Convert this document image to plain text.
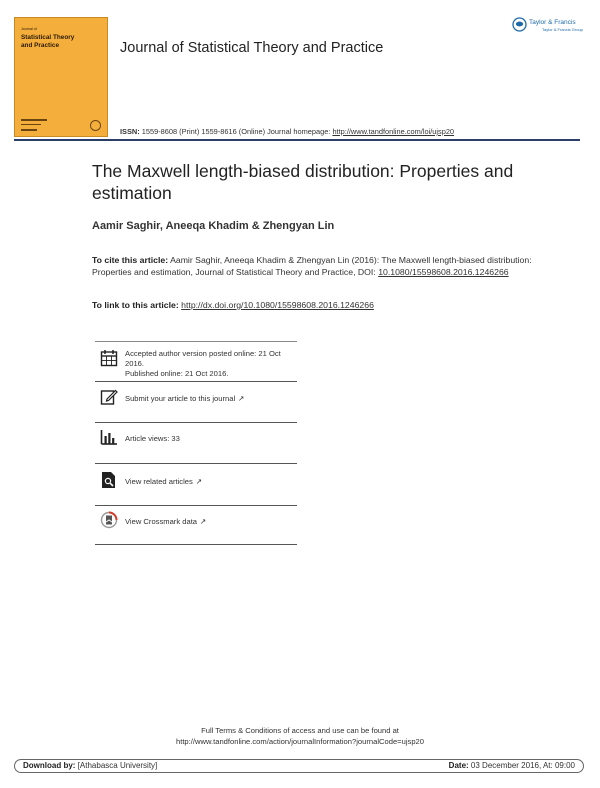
Journal of
Statistical Theory
and Practice	Journal of Statistical Theory and Practice
Taylor & Francis
Taylor & Francis Group
ISSN: 1559-8608 (Print) 1559-8616 (Online) Journal homepage: http://www.tandfonline.com/loi/ujsp20
The Maxwell length-biased distribution: Properties and estimation
Aamir Saghir, Aneeqa Khadim & Zhengyan Lin
To cite this article: Aamir Saghir, Aneeqa Khadim & Zhengyan Lin (2016): The Maxwell length-biased distribution: Properties and estimation, Journal of Statistical Theory and Practice, DOI: 10.1080/15598608.2016.1246266
To link to this article: http://dx.doi.org/10.1080/15598608.2016.1246266
Accepted author version posted online: 21 Oct 2016.
Published online: 21 Oct 2016.
Submit your article to this journal ↗
Article views: 33
View related articles ↗
View Crossmark data ↗
Full Terms & Conditions of access and use can be found at
http://www.tandfonline.com/action/journalInformation?journalCode=ujsp20
Download by: [Athabasca University]	Date: 03 December 2016, At: 09:00
